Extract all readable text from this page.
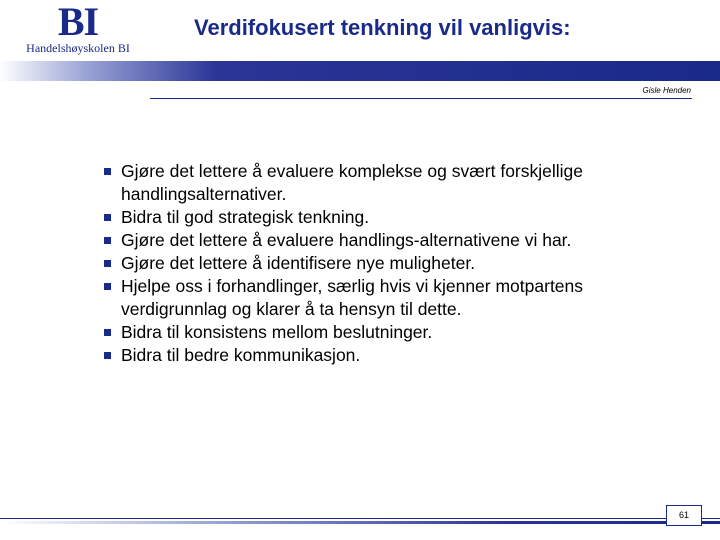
BI
Handelshøyskolen BI
Verdifokusert tenkning vil vanligvis:
Gisle Henden
Gjøre det lettere å evaluere komplekse og svært forskjellige handlingsalternativer.
Bidra til god strategisk tenkning.
Gjøre det lettere å evaluere handlings-alternativene vi har.
Gjøre det lettere å identifisere nye muligheter.
Hjelpe oss i forhandlinger, særlig hvis vi kjenner motpartens verdigrunnlag og klarer å ta hensyn til dette.
Bidra til konsistens mellom beslutninger.
Bidra til bedre kommunikasjon.
61
